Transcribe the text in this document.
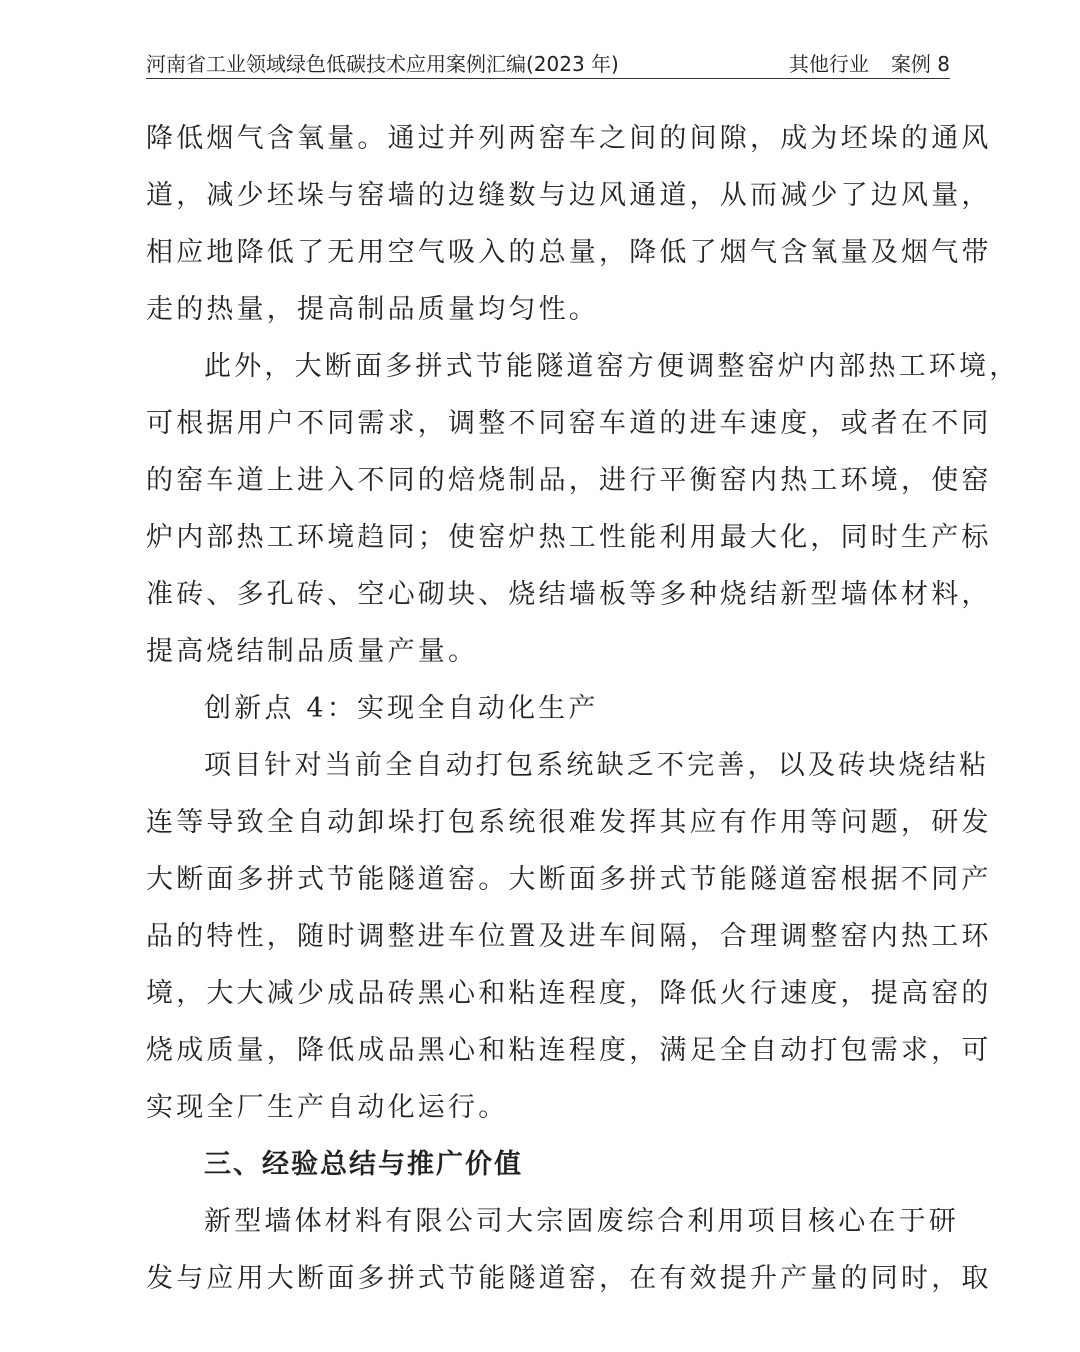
河南省工业领域绿色低碳技术应用案例汇编(2023 年)	其他行业 案例 8
降低烟气含氧量。通过并列两窑车之间的间隙，成为坯垛的通风
道，减少坯垛与窑墙的边缝数与边风通道，从而减少了边风量，
相应地降低了无用空气吸入的总量，降低了烟气含氧量及烟气带
走的热量，提高制品质量均匀性。
此外，大断面多拼式节能隧道窑方便调整窑炉内部热工环境，
可根据用户不同需求，调整不同窑车道的进车速度，或者在不同
的窑车道上进入不同的焙烧制品，进行平衡窑内热工环境，使窑
炉内部热工环境趋同；使窑炉热工性能利用最大化，同时生产标
准砖、多孔砖、空心砌块、烧结墙板等多种烧结新型墙体材料，
提高烧结制品质量产量。
创新点 4：实现全自动化生产
项目针对当前全自动打包系统缺乏不完善，以及砖块烧结粘
连等导致全自动卸垛打包系统很难发挥其应有作用等问题，研发
大断面多拼式节能隧道窑。大断面多拼式节能隧道窑根据不同产
品的特性，随时调整进车位置及进车间隔，合理调整窑内热工环
境，大大减少成品砖黑心和粘连程度，降低火行速度，提高窑的
烧成质量，降低成品黑心和粘连程度，满足全自动打包需求，可
实现全厂生产自动化运行。
三、经验总结与推广价值
新型墙体材料有限公司大宗固废综合利用项目核心在于研
发与应用大断面多拼式节能隧道窑，在有效提升产量的同时，取
